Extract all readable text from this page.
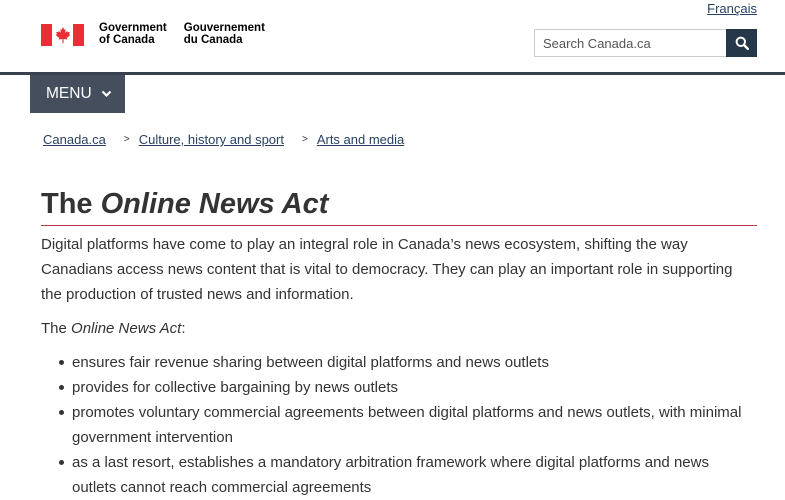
Français
Government
of Canada
Gouvernement
du Canada
Search Canada.ca
MENU
Canada.ca > Culture, history and sport > Arts and media
The Online News Act

Digital platforms have come to play an integral role in Canada’s news ecosystem, shifting the way Canadians access news content that is vital to democracy. They can play an important role in supporting the production of trusted news and information.

The Online News Act:

ensures fair revenue sharing between digital platforms and news outlets
provides for collective bargaining by news outlets
promotes voluntary commercial agreements between digital platforms and news outlets, with minimal government intervention
as a last resort, establishes a mandatory arbitration framework where digital platforms and news outlets cannot reach commercial agreements
